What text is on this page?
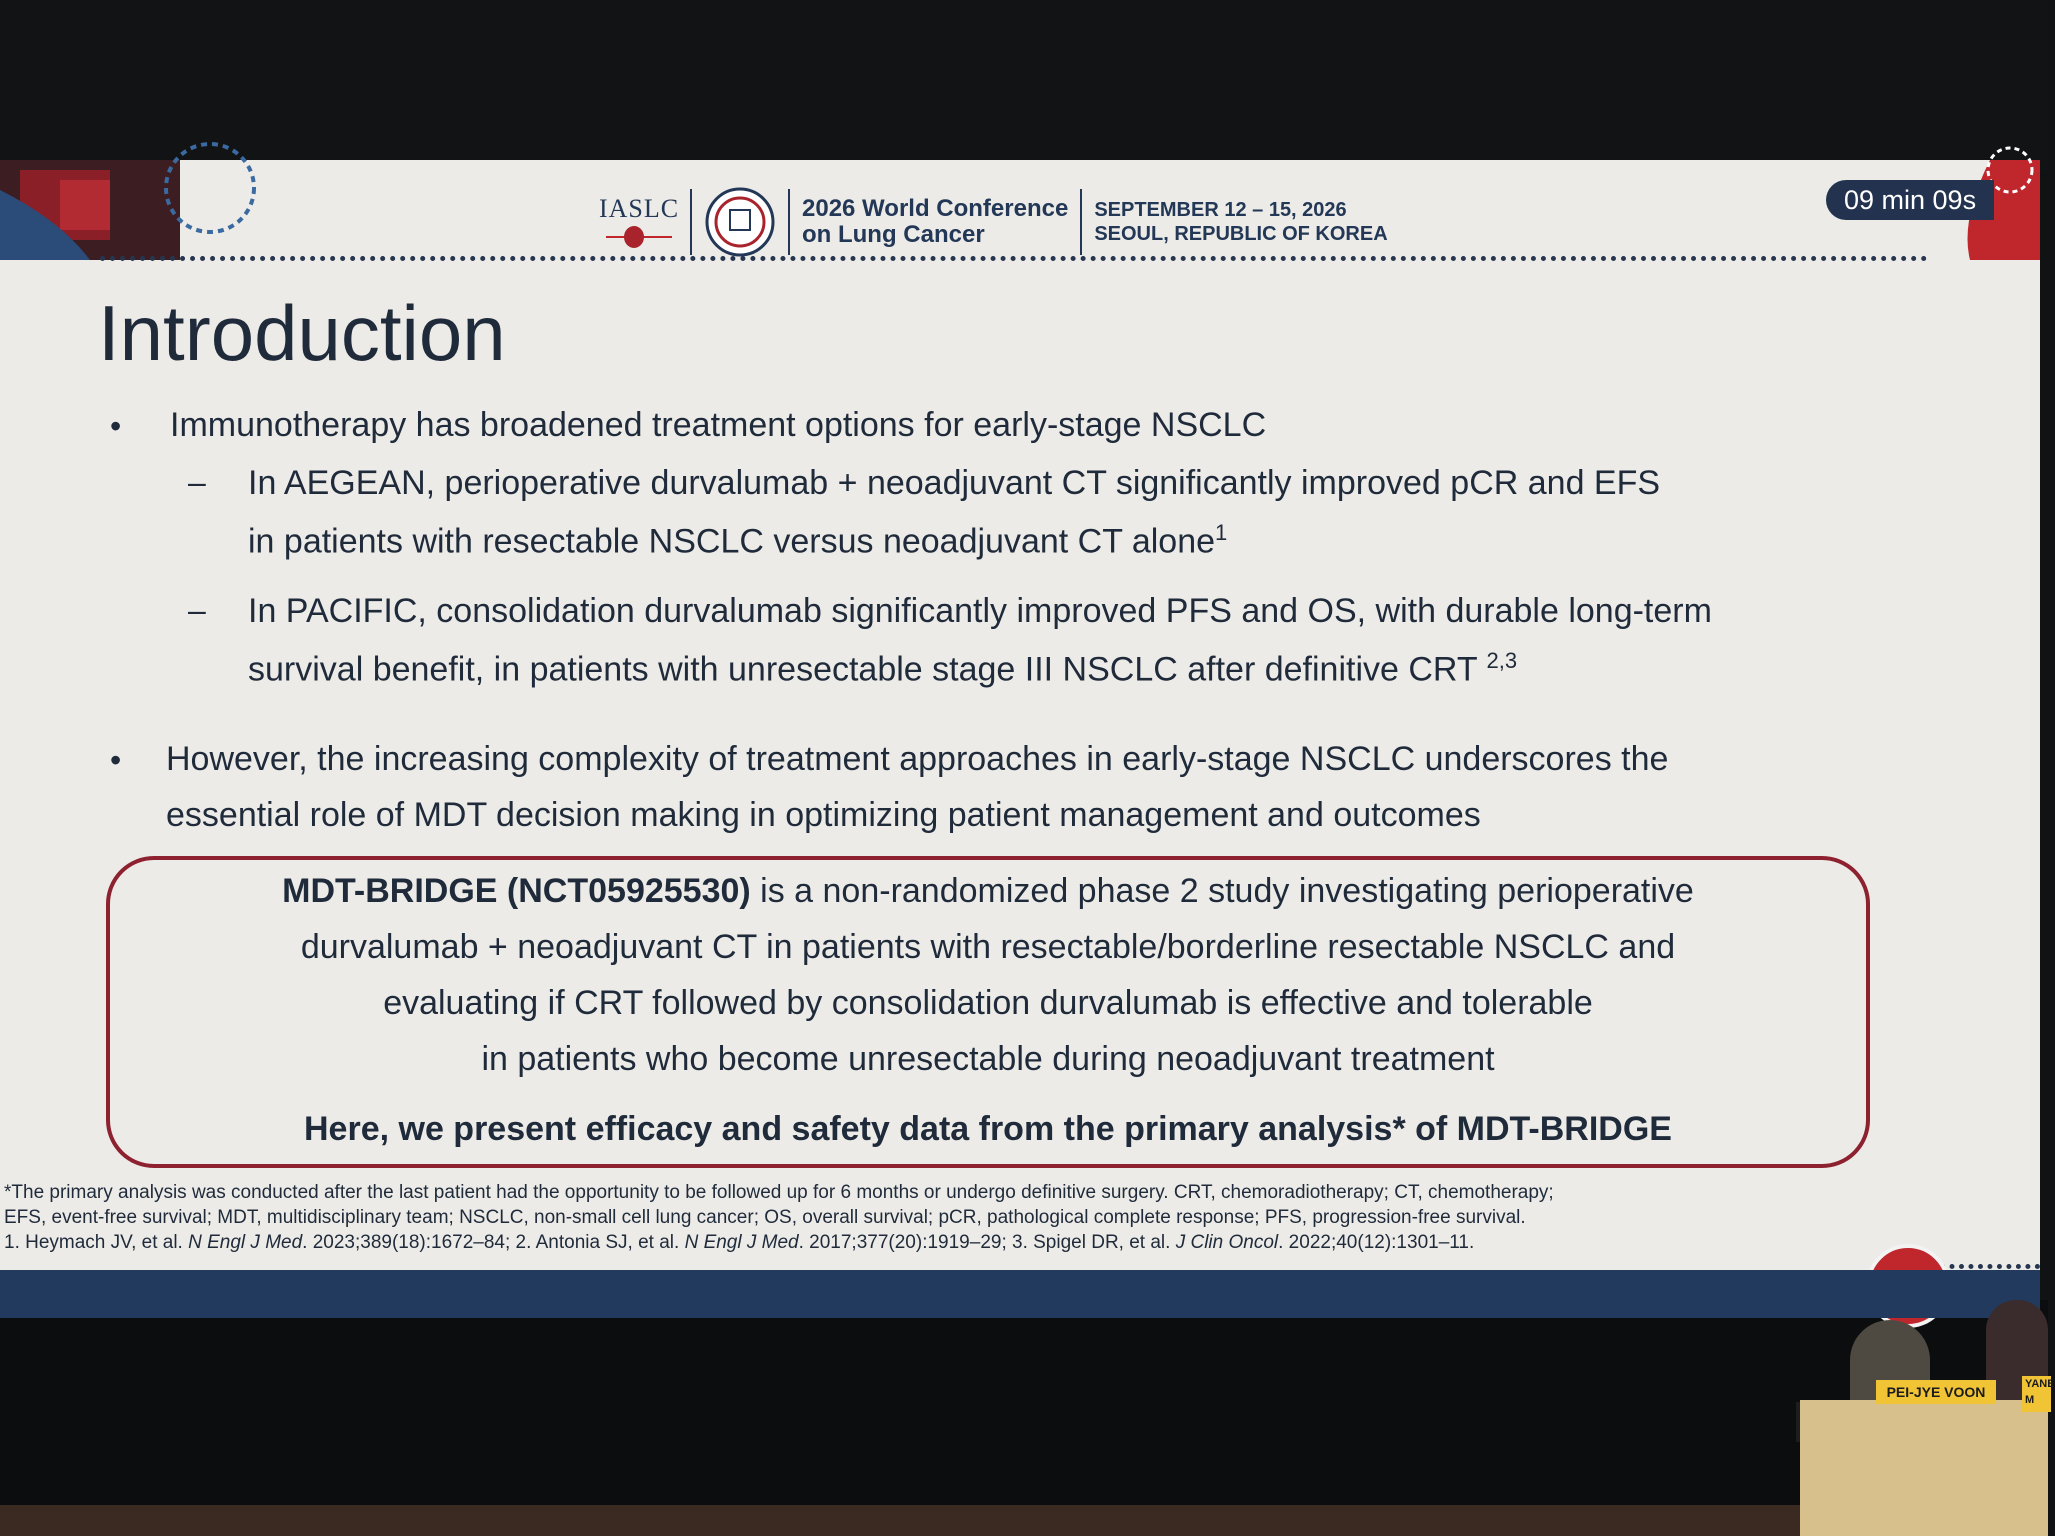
IASLC	2026 World Conference
on Lung Cancer
SEPTEMBER 12 – 15, 2026
SEOUL, REPUBLIC OF KOREA
09 min 09s
Introduction
• Immunotherapy has broadened treatment options for early-stage NSCLC
– In AEGEAN, perioperative durvalumab + neoadjuvant CT significantly improved pCR and EFS
in patients with resectable NSCLC versus neoadjuvant CT alone$^1$
– In PACIFIC, consolidation durvalumab significantly improved PFS and OS, with durable long-term
survival benefit, in patients with unresectable stage III NSCLC after definitive CRT $^{2,3}$
• However, the increasing complexity of treatment approaches in early-stage NSCLC underscores the
essential role of MDT decision making in optimizing patient management and outcomes
MDT-BRIDGE (NCT05925530) is a non-randomized phase 2 study investigating perioperative
durvalumab + neoadjuvant CT in patients with resectable/borderline resectable NSCLC and
evaluating if CRT followed by consolidation durvalumab is effective and tolerable
in patients who become unresectable during neoadjuvant treatment
Here, we present efficacy and safety data from the primary analysis* of MDT-BRIDGE
*The primary analysis was conducted after the last patient had the opportunity to be followed up for 6 months or undergo definitive surgery. CRT, chemoradiotherapy; CT, chemotherapy;
EFS, event-free survival; MDT, multidisciplinary team; NSCLC, non-small cell lung cancer; OS, overall survival; pCR, pathological complete response; PFS, progression-free survival.
1. Heymach JV, et al. N Engl J Med. 2023;389(18):1672–84; 2. Antonia SJ, et al. N Engl J Med. 2017;377(20):1919–29; 3. Spigel DR, et al. J Clin Oncol. 2022;40(12):1301–11.
PEI-JYE VOON	YANE M
